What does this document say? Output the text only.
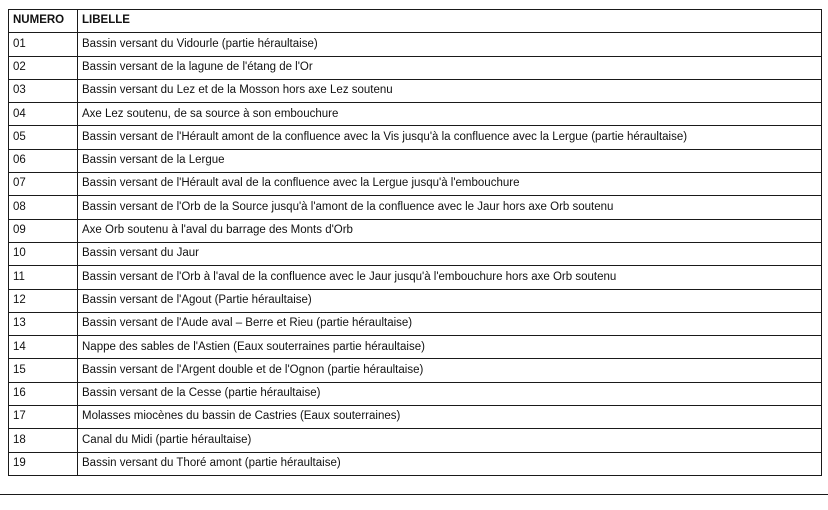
NUMERO	LIBELLE
01	Bassin versant du Vidourle (partie héraultaise)
02	Bassin versant de la lagune de l'étang de l'Or
03	Bassin versant du Lez et de la Mosson hors axe Lez soutenu
04	Axe Lez soutenu, de sa source à son embouchure
05	Bassin versant de l'Hérault amont de la confluence avec la Vis jusqu'à la confluence avec la Lergue (partie héraultaise)
06	Bassin versant de la Lergue
07	Bassin versant de l'Hérault aval de la confluence avec la Lergue jusqu'à l'embouchure
08	Bassin versant de l'Orb de la Source jusqu'à l'amont de la confluence avec le Jaur hors axe Orb soutenu
09	Axe Orb soutenu à l'aval du barrage des Monts d'Orb
10	Bassin versant du Jaur
11	Bassin versant de l'Orb à l'aval de la confluence avec le Jaur jusqu'à l'embouchure hors axe Orb soutenu
12	Bassin versant de l'Agout (Partie héraultaise)
13	Bassin versant de l'Aude aval – Berre et Rieu (partie héraultaise)
14	Nappe des sables de l'Astien (Eaux souterraines partie héraultaise)
15	Bassin versant de l'Argent double et de l'Ognon (partie héraultaise)
16	Bassin versant de la Cesse (partie héraultaise)
17	Molasses miocènes du bassin de Castries (Eaux souterraines)
18	Canal du Midi (partie héraultaise)
19	Bassin versant du Thoré amont (partie héraultaise)
